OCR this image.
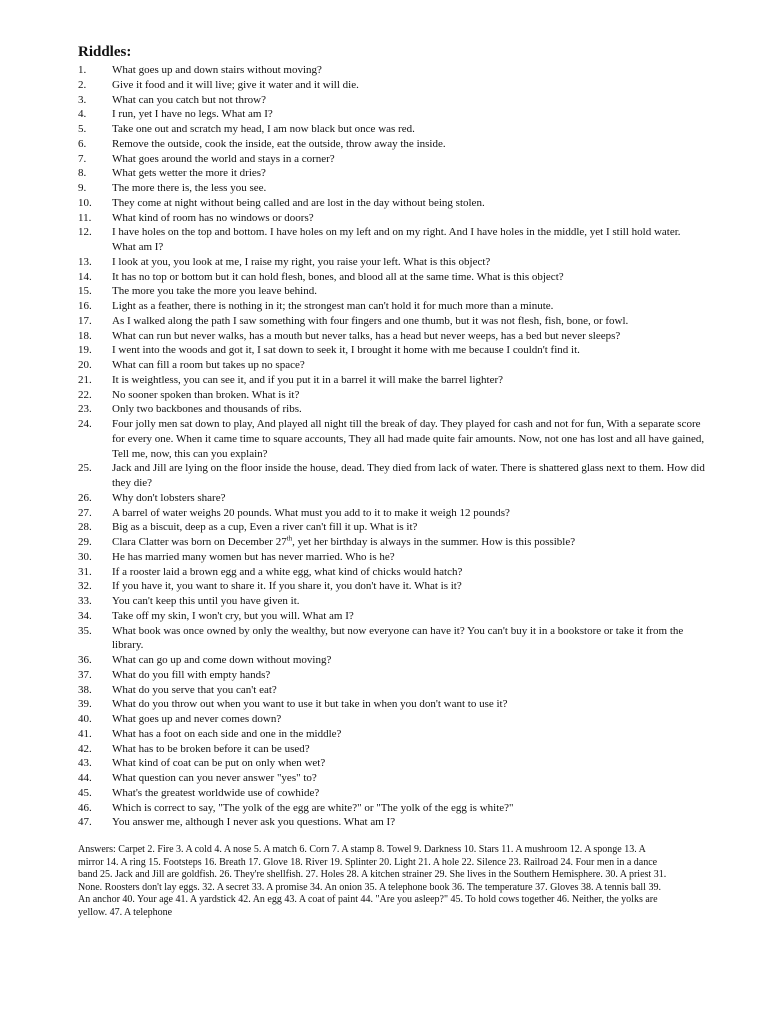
Riddles:
1.	What goes up and down stairs without moving?
2.	Give it food and it will live; give it water and it will die.
3.	What can you catch but not throw?
4.	I run, yet I have no legs. What am I?
5.	Take one out and scratch my head, I am now black but once was red.
6.	Remove the outside, cook the inside, eat the outside, throw away the inside.
7.	What goes around the world and stays in a corner?
8.	What gets wetter the more it dries?
9.	The more there is, the less you see.
10.	They come at night without being called and are lost in the day without being stolen.
11.	What kind of room has no windows or doors?
12.	I have holes on the top and bottom. I have holes on my left and on my right. And I have holes in the middle, yet I still hold water. What am I?
13.	I look at you, you look at me, I raise my right, you raise your left. What is this object?
14.	It has no top or bottom but it can hold flesh, bones, and blood all at the same time. What is this object?
15.	The more you take the more you leave behind.
16.	Light as a feather, there is nothing in it; the strongest man can't hold it for much more than a minute.
17.	As I walked along the path I saw something with four fingers and one thumb, but it was not flesh, fish, bone, or fowl.
18.	What can run but never walks, has a mouth but never talks, has a head but never weeps, has a bed but never sleeps?
19.	I went into the woods and got it, I sat down to seek it, I brought it home with me because I couldn't find it.
20.	What can fill a room but takes up no space?
21.	It is weightless, you can see it, and if you put it in a barrel it will make the barrel lighter?
22.	No sooner spoken than broken. What is it?
23.	Only two backbones and thousands of ribs.
24.	Four jolly men sat down to play, And played all night till the break of day. They played for cash and not for fun, With a separate score for every one. When it came time to square accounts, They all had made quite fair amounts. Now, not one has lost and all have gained, Tell me, now, this can you explain?
25.	Jack and Jill are lying on the floor inside the house, dead. They died from lack of water. There is shattered glass next to them. How did they die?
26.	Why don't lobsters share?
27.	A barrel of water weighs 20 pounds. What must you add to it to make it weigh 12 pounds?
28.	Big as a biscuit, deep as a cup, Even a river can't fill it up. What is it?
29.	Clara Clatter was born on December 27th, yet her birthday is always in the summer. How is this possible?
30.	He has married many women but has never married. Who is he?
31.	If a rooster laid a brown egg and a white egg, what kind of chicks would hatch?
32.	If you have it, you want to share it. If you share it, you don't have it. What is it?
33.	You can't keep this until you have given it.
34.	Take off my skin, I won't cry, but you will. What am I?
35.	What book was once owned by only the wealthy, but now everyone can have it? You can't buy it in a bookstore or take it from the library.
36.	What can go up and come down without moving?
37.	What do you fill with empty hands?
38.	What do you serve that you can't eat?
39.	What do you throw out when you want to use it but take in when you don't want to use it?
40.	What goes up and never comes down?
41.	What has a foot on each side and one in the middle?
42.	What has to be broken before it can be used?
43.	What kind of coat can be put on only when wet?
44.	What question can you never answer "yes" to?
45.	What's the greatest worldwide use of cowhide?
46.	Which is correct to say, "The yolk of the egg are white?" or "The yolk of the egg is white?"
47.	You answer me, although I never ask you questions. What am I?
Answers: Carpet 2. Fire 3. A cold 4. A nose 5. A match 6. Corn 7. A stamp 8. Towel 9. Darkness 10. Stars 11. A mushroom 12. A sponge 13. A mirror 14. A ring 15. Footsteps 16. Breath 17. Glove 18. River 19. Splinter 20. Light 21. A hole 22. Silence 23. Railroad 24. Four men in a dance band 25. Jack and Jill are goldfish. 26. They're shellfish. 27. Holes 28. A kitchen strainer 29. She lives in the Southern Hemisphere. 30. A priest 31. None. Roosters don't lay eggs. 32. A secret 33. A promise 34. An onion 35. A telephone book 36. The temperature 37. Gloves 38. A tennis ball 39. An anchor 40. Your age 41. A yardstick 42. An egg 43. A coat of paint 44. "Are you asleep?" 45. To hold cows together 46. Neither, the yolks are yellow. 47. A telephone
